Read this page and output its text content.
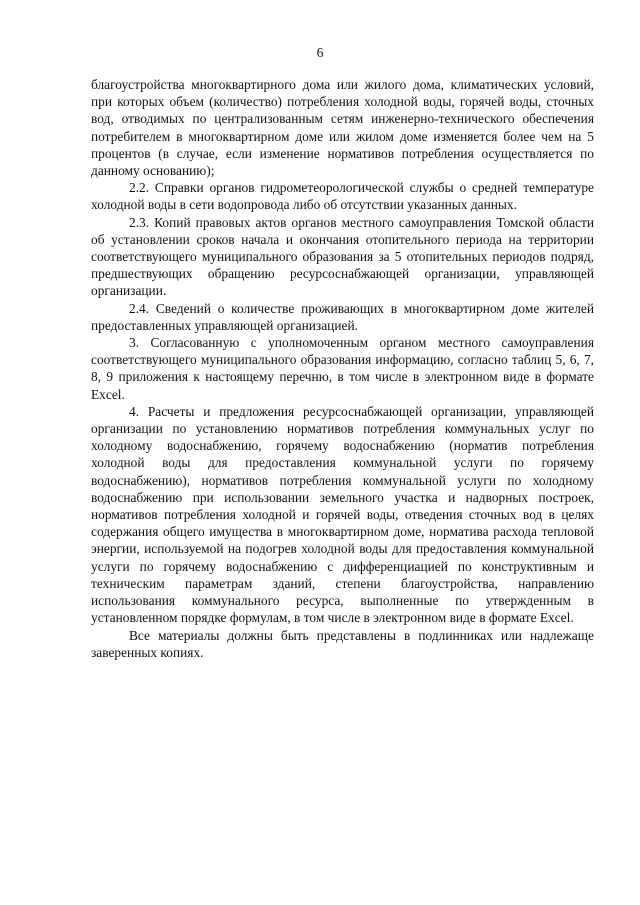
6

благоустройства многоквартирного дома или жилого дома, климатических условий, при которых объем (количество) потребления холодной воды, горячей воды, сточных вод, отводимых по централизованным сетям инженерно-технического обеспечения потребителем в многоквартирном доме или жилом доме изменяется более чем на 5 процентов (в случае, если изменение нормативов потребления осуществляется по данному основанию);

2.2. Справки органов гидрометеорологической службы о средней температуре холодной воды в сети водопровода либо об отсутствии указанных данных.

2.3. Копий правовых актов органов местного самоуправления Томской области об установлении сроков начала и окончания отопительного периода на территории соответствующего муниципального образования за 5 отопительных периодов подряд, предшествующих обращению ресурсоснабжающей организации, управляющей организации.

2.4. Сведений о количестве проживающих в многоквартирном доме жителей предоставленных управляющей организацией.

3. Согласованную с уполномоченным органом местного самоуправления соответствующего муниципального образования информацию, согласно таблиц 5, 6, 7, 8, 9 приложения к настоящему перечню, в том числе в электронном виде в формате Excel.

4. Расчеты и предложения ресурсоснабжающей организации, управляющей организации по установлению нормативов потребления коммунальных услуг по холодному водоснабжению, горячему водоснабжению (норматив потребления холодной воды для предоставления коммунальной услуги по горячему водоснабжению), нормативов потребления коммунальной услуги по холодному водоснабжению при использовании земельного участка и надворных построек, нормативов потребления холодной и горячей воды, отведения сточных вод в целях содержания общего имущества в многоквартирном доме, норматива расхода тепловой энергии, используемой на подогрев холодной воды для предоставления коммунальной услуги по горячему водоснабжению с дифференциацией по конструктивным и техническим параметрам зданий, степени благоустройства, направлению использования коммунального ресурса, выполненные по утвержденным в установленном порядке формулам, в том числе в электронном виде в формате Excel.

Все материалы должны быть представлены в подлинниках или надлежаще заверенных копиях.
